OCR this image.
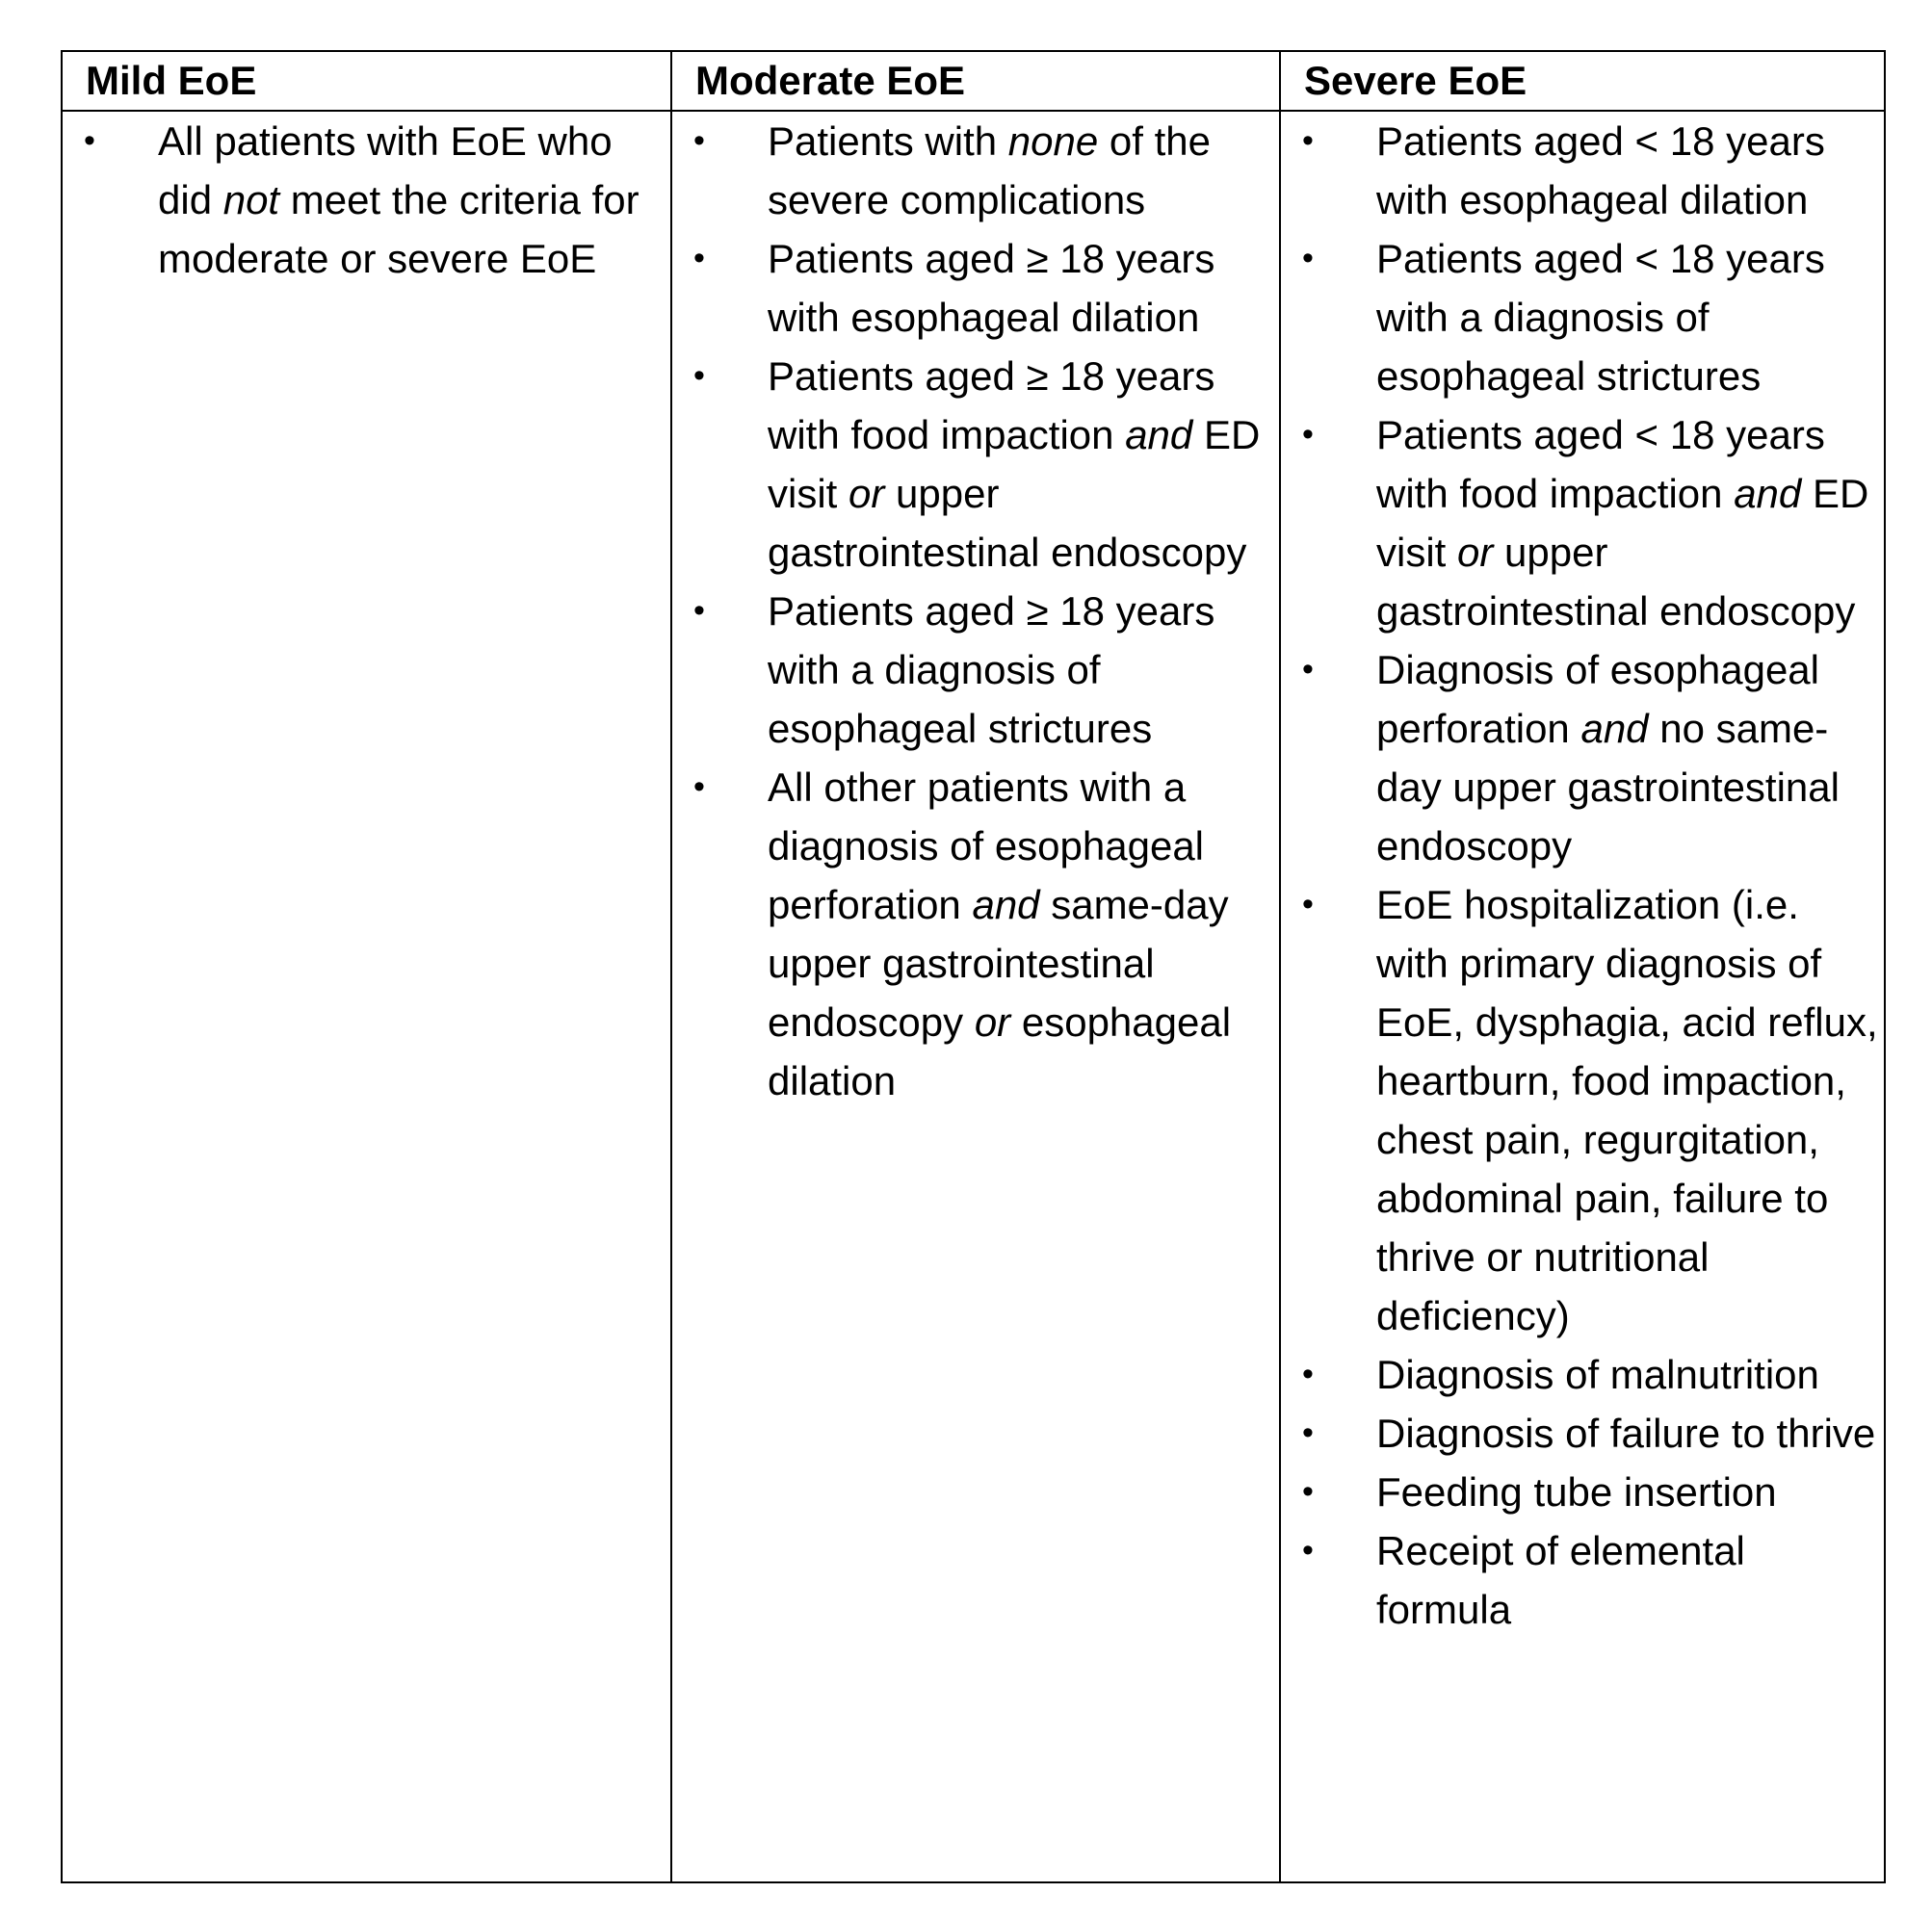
Mild EoE	Moderate EoE	Severe EoE
• All patients with EoE who did not meet the criteria for moderate or severe EoE
• Patients with none of the severe complications
• Patients aged ≥ 18 years with esophageal dilation
• Patients aged ≥ 18 years with food impaction and ED visit or upper gastrointestinal endoscopy
• Patients aged ≥ 18 years with a diagnosis of esophageal strictures
• All other patients with a diagnosis of esophageal perforation and same-day upper gastrointestinal endoscopy or esophageal dilation
• Patients aged < 18 years with esophageal dilation
• Patients aged < 18 years with a diagnosis of esophageal strictures
• Patients aged < 18 years with food impaction and ED visit or upper gastrointestinal endoscopy
• Diagnosis of esophageal perforation and no same-day upper gastrointestinal endoscopy
• EoE hospitalization (i.e. with primary diagnosis of EoE, dysphagia, acid reflux, heartburn, food impaction, chest pain, regurgitation, abdominal pain, failure to thrive or nutritional deficiency)
• Diagnosis of malnutrition
• Diagnosis of failure to thrive
• Feeding tube insertion
• Receipt of elemental formula
